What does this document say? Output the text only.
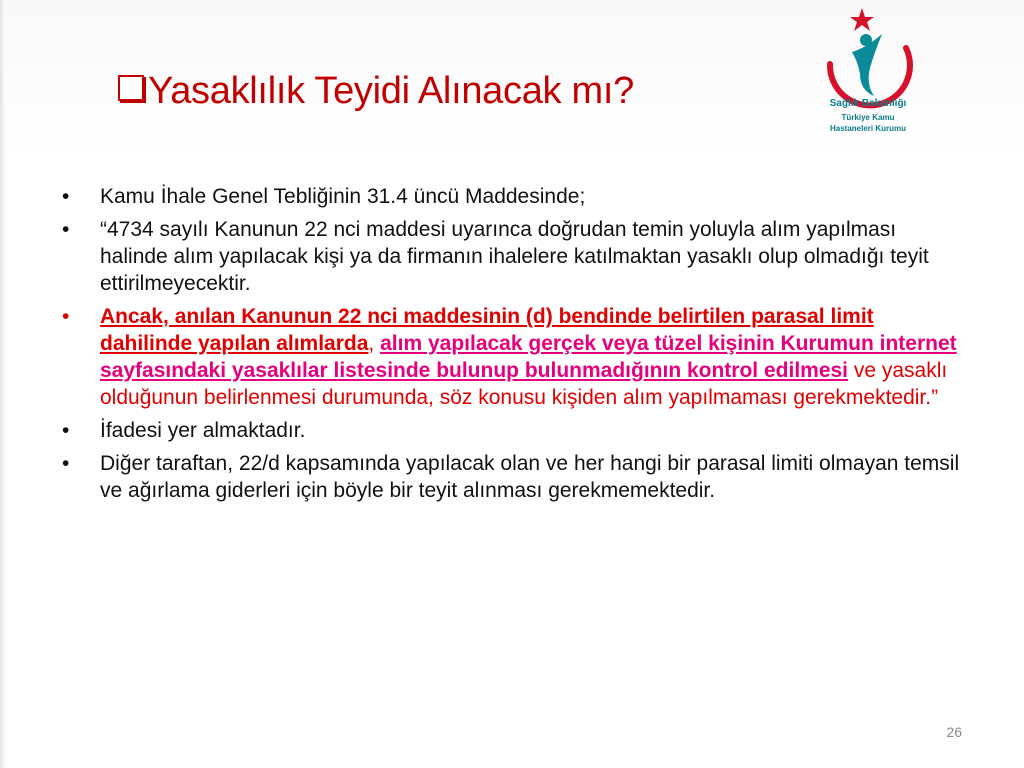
Yasaklılık Teyidi Alınacak mı?	Sağlık Bakanlığı
Türkiye Kamu
Hastaneleri Kurumu
•	Kamu İhale Genel Tebliğinin 31.4 üncü Maddesinde;
•	“4734 sayılı Kanunun 22 nci maddesi uyarınca doğrudan temin yoluyla alım yapılması halinde alım yapılacak kişi ya da firmanın ihalelere katılmaktan yasaklı olup olmadığı teyit ettirilmeyecektir.
•	Ancak, anılan Kanunun 22 nci maddesinin (d) bendinde belirtilen parasal limit dahilinde yapılan alımlarda, alım yapılacak gerçek veya tüzel kişinin Kurumun internet sayfasındaki yasaklılar listesinde bulunup bulunmadığının kontrol edilmesi ve yasaklı olduğunun belirlenmesi durumunda, söz konusu kişiden alım yapılmaması gerekmektedir.”
•	İfadesi yer almaktadır.
•	Diğer taraftan, 22/d kapsamında yapılacak olan ve her hangi bir parasal limiti olmayan temsil ve ağırlama giderleri için böyle bir teyit alınması gerekmemektedir.
26
